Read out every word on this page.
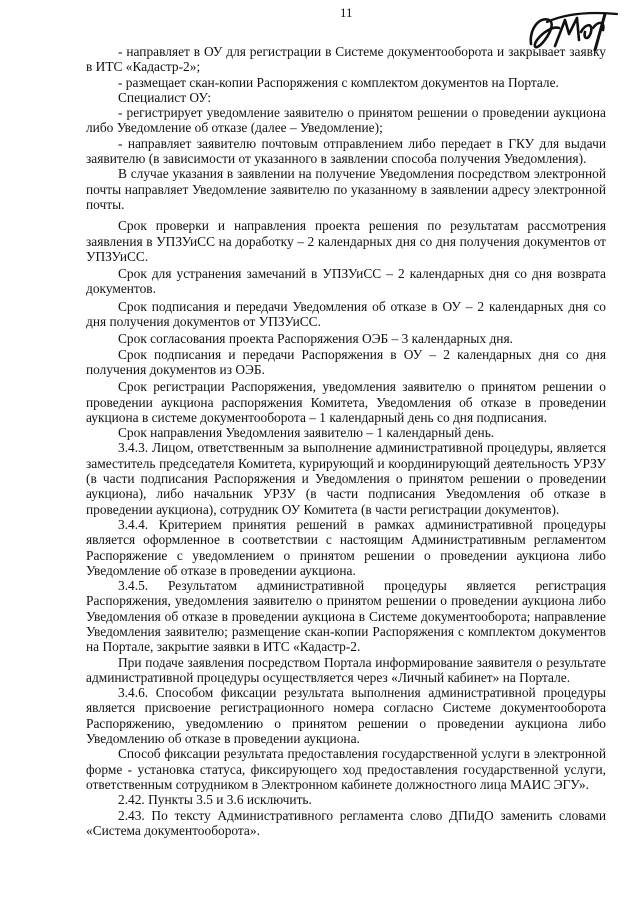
11

- направляет в ОУ для регистрации в Системе документооборота и закрывает заявку в ИТС «Кадастр-2»;

- размещает скан-копии Распоряжения с комплектом документов на Портале.

Специалист ОУ:

- регистрирует уведомление заявителю о принятом решении о проведении аукциона либо Уведомление об отказе (далее – Уведомление);

- направляет заявителю почтовым отправлением либо передает в ГКУ для выдачи заявителю (в зависимости от указанного в заявлении способа получения Уведомления).

В случае указания в заявлении на получение Уведомления посредством электронной почты направляет Уведомление заявителю по указанному в заявлении адресу электронной почты.

Срок проверки и направления проекта решения по результатам рассмотрения заявления в УПЗУиСС на доработку – 2 календарных дня со дня получения документов от УПЗУиСС.

Срок для устранения замечаний в УПЗУиСС – 2 календарных дня со дня возврата документов.

Срок подписания и передачи Уведомления об отказе в ОУ – 2 календарных дня со дня получения документов от УПЗУиСС.

Срок согласования проекта Распоряжения ОЭБ – 3 календарных дня.

Срок подписания и передачи Распоряжения в ОУ – 2 календарных дня со дня получения документов из ОЭБ.

Срок регистрации Распоряжения, уведомления заявителю о принятом решении о проведении аукциона распоряжения Комитета, Уведомления об отказе в проведении аукциона в системе документооборота – 1 календарный день со дня подписания.

Срок направления Уведомления заявителю – 1 календарный день.

3.4.3. Лицом, ответственным за выполнение административной процедуры, является заместитель председателя Комитета, курирующий и координирующий деятельность УРЗУ (в части подписания Распоряжения и Уведомления о принятом решении о проведении аукциона), либо начальник УРЗУ (в части подписания Уведомления об отказе в проведении аукциона), сотрудник ОУ Комитета (в части регистрации документов).

3.4.4. Критерием принятия решений в рамках административной процедуры является оформленное в соответствии с настоящим Административным регламентом Распоряжение с уведомлением о принятом решении о проведении аукциона либо Уведомление об отказе в проведении аукциона.

3.4.5. Результатом административной процедуры является регистрация Распоряжения, уведомления заявителю о принятом решении о проведении аукциона либо Уведомления об отказе в проведении аукциона в Системе документооборота; направление Уведомления заявителю; размещение скан-копии Распоряжения с комплектом документов на Портале, закрытие заявки в ИТС «Кадастр-2.

При подаче заявления посредством Портала информирование заявителя о результате административной процедуры осуществляется через «Личный кабинет» на Портале.

3.4.6. Способом фиксации результата выполнения административной процедуры является присвоение регистрационного номера согласно Системе документооборота Распоряжению, уведомлению о принятом решении о проведении аукциона либо Уведомлению об отказе в проведении аукциона.

Способ фиксации результата предоставления государственной услуги в электронной форме - установка статуса, фиксирующего ход предоставления государственной услуги, ответственным сотрудником в Электронном кабинете должностного лица МАИС ЭГУ».

2.42. Пункты 3.5 и 3.6 исключить.

2.43. По тексту Административного регламента слово ДПиДО заменить словами «Система документооборота».
